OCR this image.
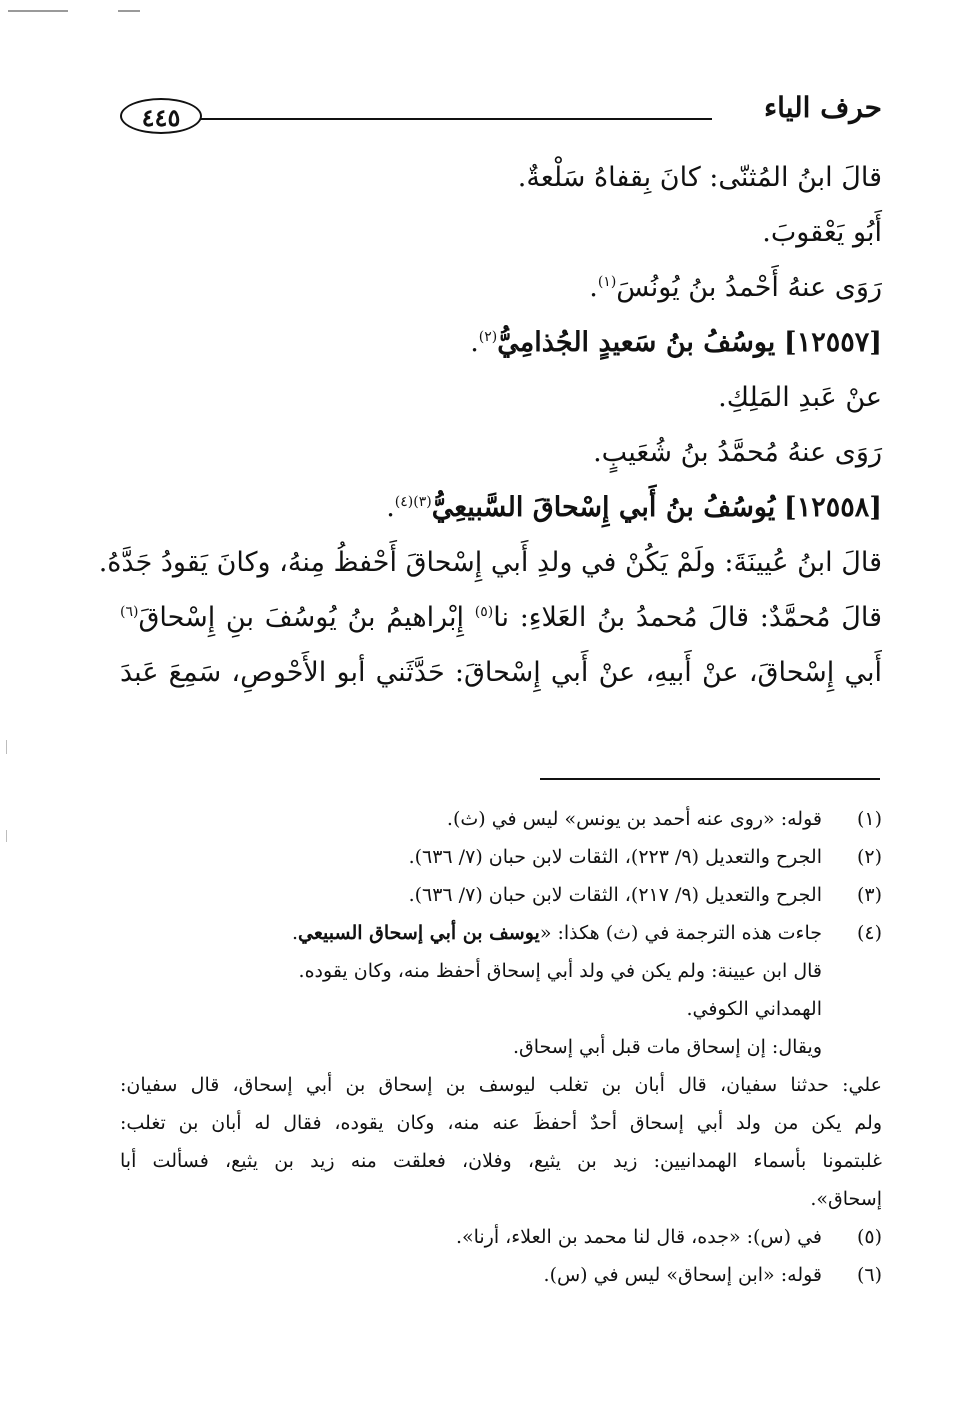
حرف الياء
٤٤٥
قالَ ابنُ المُثنّى: كانَ بِقفاهُ سَلْعةٌ.
أَبُو يَعْقوبَ.
رَوَى عنهُ أَحْمدُ بنُ يُونُسَ$^{(١)}$.
[١٢٥٥٧] يوسُفُ بنُ سَعيدٍ الجُذامِيُّ$^{(٢)}$.
عنْ عَبدِ المَلِكِ.
رَوَى عنهُ مُحمَّدُ بنُ شُعَيبٍ.
[١٢٥٥٨] يُوسُفُ بنُ أَبي إِسْحاقَ السَّبيعِيُّ$^{(٣)(٤)}$.
قالَ ابنُ عُيينَةَ: ولَمْ يَكُنْ في ولدِ أَبي إِسْحاقَ أَحْفظُ مِنهُ، وكانَ يَقودُ جَدَّهُ.
قالَ مُحمَّدٌ: قالَ مُحمدُ بنُ العَلاءِ: نا$^{(٥)}$ إِبْراهيمُ بنُ يُوسُفَ بنِ إِسْحاقَ$^{(٦)}$
أَبي إِسْحاقَ، عنْ أَبيهِ، عنْ أَبي إِسْحاقَ: حَدَّثَني أبو الأَحْوصِ، سَمِعَ عَبدَ
(١)
قوله: «روى عنه أحمد بن يونس» ليس في (ث).
(٢)
الجرح والتعديل (٩/ ٢٢٣)، الثقات لابن حبان (٧/ ٦٣٦).
(٣)
الجرح والتعديل (٩/ ٢١٧)، الثقات لابن حبان (٧/ ٦٣٦).
(٤)
جاءت هذه الترجمة في (ث) هكذا: «يوسف بن أبي إسحاق السبيعي.
قال ابن عيينة: ولم يكن في ولد أبي إسحاق أحفظ منه، وكان يقوده.
الهمداني الكوفي.
ويقال: إن إسحاق مات قبل أبي إسحاق.
علي: حدثنا سفيان، قال أبان بن تغلب ليوسف بن إسحاق بن أبي إسحاق، قال سفيان:
ولم يكن من ولد أبي إسحاق أحدٌ أحفظَ عنه منه، وكان يقوده، فقال له أبان بن تغلب:
غلبتمونا بأسماء الهمدانيين: زيد بن يثيع، وفلان، فعلقت منه زيد بن يثيع، فسألت أبا
إسحاق».
(٥)
في (س): «جده، قال لنا محمد بن العلاء، أرنا».
(٦)
قوله: «ابن إسحاق» ليس في (س).
